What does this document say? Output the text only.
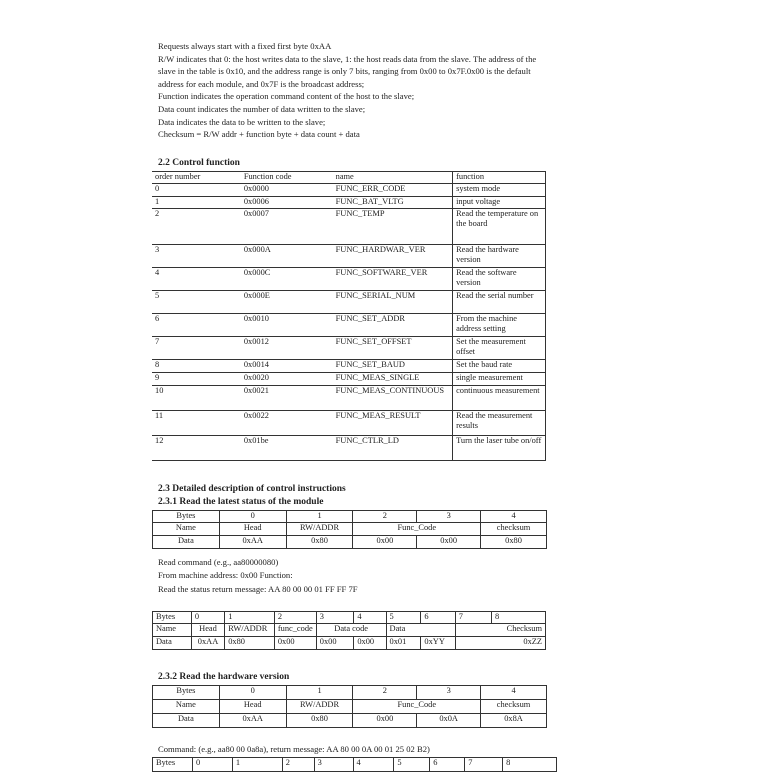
Requests always start with a fixed first byte 0xAA
R/W indicates that 0: the host writes data to the slave, 1: the host reads data from the slave. The address of the
slave in the table is 0x10, and the address range is only 7 bits, ranging from 0x00 to 0x7F.0x00 is the default
address for each module, and 0x7F is the broadcast address;
Function indicates the operation command content of the host to the slave;
Data count indicates the number of data written to the slave;
Data indicates the data to be written to the slave;
Checksum = R/W addr + function byte + data count + data
2.2 Control function
order number	Function code	name	function
0	0x0000	FUNC_ERR_CODE	system mode
1	0x0006	FUNC_BAT_VLTG	input voltage
2	0x0007	FUNC_TEMP	Read the temperature on the board
3	0x000A	FUNC_HARDWAR_VER	Read the hardware version
4	0x000C	FUNC_SOFTWARE_VER	Read the software version
5	0x000E	FUNC_SERIAL_NUM	Read the serial number
6	0x0010	FUNC_SET_ADDR	From the machine address setting
7	0x0012	FUNC_SET_OFFSET	Set the measurement offset
8	0x0014	FUNC_SET_BAUD	Set the baud rate
9	0x0020	FUNC_MEAS_SINGLE	single measurement
10	0x0021	FUNC_MEAS_CONTINUOUS	continuous measurement
11	0x0022	FUNC_MEAS_RESULT	Read the measurement results
12	0x01be	FUNC_CTLR_LD	Turn the laser tube on/off
2.3 Detailed description of control instructions
2.3.1 Read the latest status of the module
Bytes	0	1	2	3	4
Name	Head	RW/ADDR	Func_Code		checksum
Data	0xAA	0x80	0x00	0x00	0x80
Read command (e.g., aa80000080)
From machine address: 0x00 Function:
Read the status return message: AA 80 00 00 01 FF FF 7F
Bytes	0	1	2	3	4	5	6	7	8
Name	Head	RW/ADDR	func_code	Data code		Data		Checksum	
Data	0xAA	0x80	0x00	0x00	0x00	0x01	0xYY	0xZZ	
2.3.2 Read the hardware version
Bytes	0	1	2	3	4
Name	Head	RW/ADDR	Func_Code		checksum
Data	0xAA	0x80	0x00	0x0A	0x8A
Command: (e.g., aa80 00 0a8a), return message: AA 80 00 0A 00 01 25 02 B2)
Bytes	0	1	2	3	4	5	6	7	8
